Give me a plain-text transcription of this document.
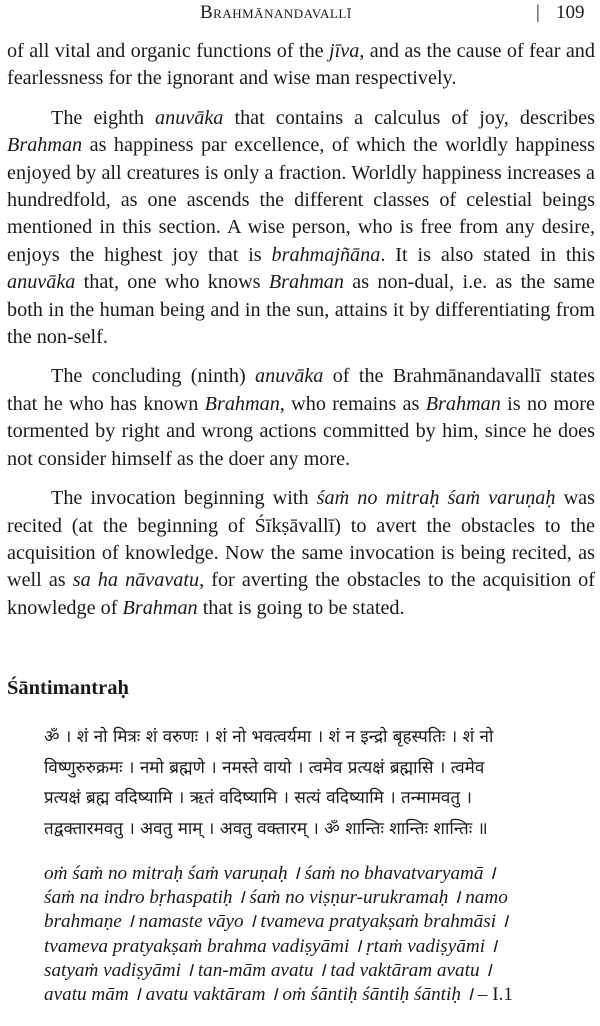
Brahmānandavallī	| 109

of all vital and organic functions of the jīva, and as the cause of fear and fearlessness for the ignorant and wise man respectively.

The eighth anuvāka that contains a calculus of joy, describes Brahman as happiness par excellence, of which the worldly happiness enjoyed by all creatures is only a fraction. Worldly happiness increases a hundredfold, as one ascends the different classes of celestial beings mentioned in this section. A wise person, who is free from any desire, enjoys the highest joy that is brahmajñāna. It is also stated in this anuvāka that, one who knows Brahman as non-dual, i.e. as the same both in the human being and in the sun, attains it by differentiating from the non-self.

The concluding (ninth) anuvāka of the Brahmānandavallī states that he who has known Brahman, who remains as Brahman is no more tormented by right and wrong actions committed by him, since he does not consider himself as the doer any more.

The invocation beginning with śaṁ no mitraḥ śaṁ varuṇaḥ was recited (at the beginning of Śīkṣāvallī) to avert the obstacles to the acquisition of knowledge. Now the same invocation is being recited, as well as sa ha nāvavatu, for averting the obstacles to the acquisition of knowledge of Brahman that is going to be stated.

Śāntimantraḥ
ॐ । शं नो मित्रः शं वरुणः । शं नो भवत्वर्यमा । शं न इन्द्रो बृहस्पतिः । शं नो
विष्णुरुरुक्रमः । नमो ब्रह्मणे । नमस्ते वायो । त्वमेव प्रत्यक्षं ब्रह्मासि । त्वमेव
प्रत्यक्षं ब्रह्म वदिष्यामि । ऋतं वदिष्यामि । सत्यं वदिष्यामि । तन्मामवतु ।
तद्वक्तारमवतु । अवतु माम् । अवतु वक्तारम् । ॐ शान्तिः शान्तिः शान्तिः ॥
oṁ śaṁ no mitraḥ śaṁ varuṇaḥ । śaṁ no bhavatvaryamā ।
śaṁ na indro bṛhaspatiḥ । śaṁ no viṣṇur-urukramaḥ । namo
brahmaṇe । namaste vāyo । tvameva pratyakṣaṁ brahmāsi ।
tvameva pratyakṣaṁ brahma vadiṣyāmi । ṛtaṁ vadiṣyāmi ।
satyaṁ vadiṣyāmi । tan-mām avatu । tad vaktāram avatu ।
avatu mām । avatu vaktāram । oṁ śāntiḥ śāntiḥ śāntiḥ । – I.1
